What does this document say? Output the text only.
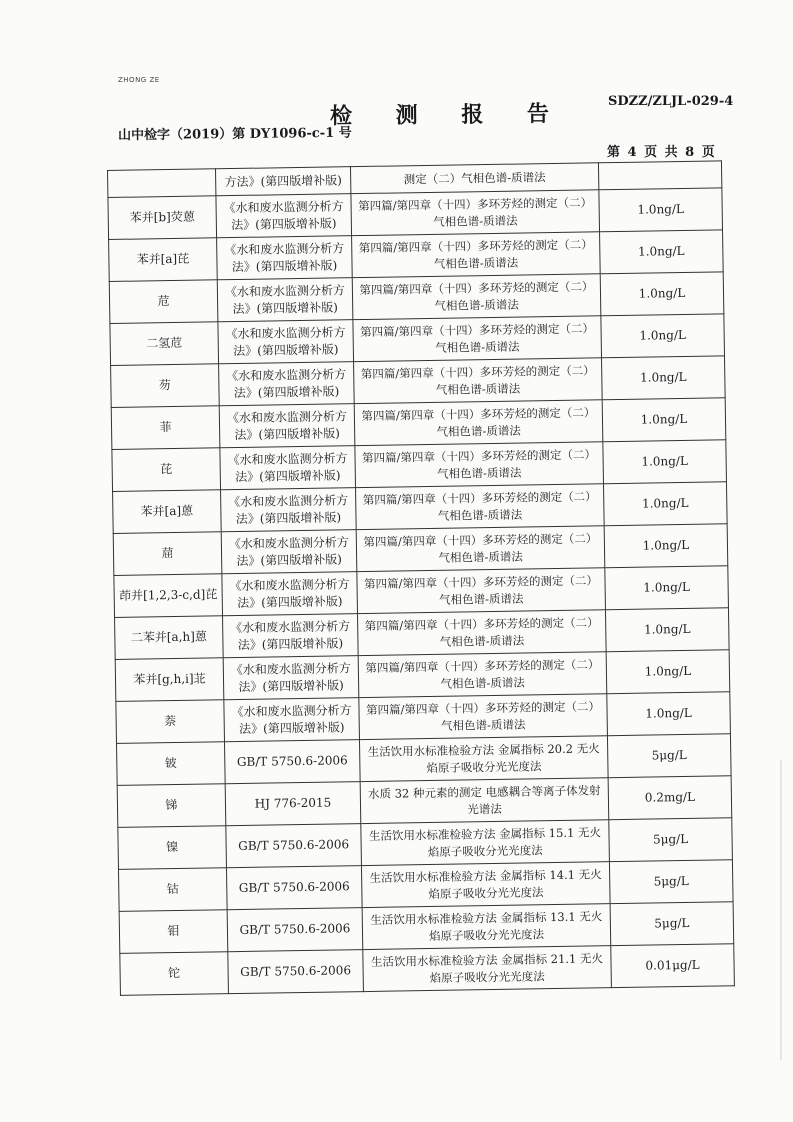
ZHONG ZE
检 测 报 告	SDZZ/ZLJL-029-4
山中检字（2019）第 DY1096-c-1 号
第 4 页 共 8 页
	方法》(第四版增补版)	测定（二）气相色谱-质谱法	
苯并[b]荧蒽	《水和废水监测分析方法》(第四版增补版)	第四篇/第四章（十四）多环芳烃的测定（二）气相色谱-质谱法	1.0ng/L
苯并[a]芘	《水和废水监测分析方法》(第四版增补版)	第四篇/第四章（十四）多环芳烃的测定（二）气相色谱-质谱法	1.0ng/L
苊	《水和废水监测分析方法》(第四版增补版)	第四篇/第四章（十四）多环芳烃的测定（二）气相色谱-质谱法	1.0ng/L
二氢苊	《水和废水监测分析方法》(第四版增补版)	第四篇/第四章（十四）多环芳烃的测定（二）气相色谱-质谱法	1.0ng/L
芴	《水和废水监测分析方法》(第四版增补版)	第四篇/第四章（十四）多环芳烃的测定（二）气相色谱-质谱法	1.0ng/L
菲	《水和废水监测分析方法》(第四版增补版)	第四篇/第四章（十四）多环芳烃的测定（二）气相色谱-质谱法	1.0ng/L
芘	《水和废水监测分析方法》(第四版增补版)	第四篇/第四章（十四）多环芳烃的测定（二）气相色谱-质谱法	1.0ng/L
苯并[a]蒽	《水和废水监测分析方法》(第四版增补版)	第四篇/第四章（十四）多环芳烃的测定（二）气相色谱-质谱法	1.0ng/L
䓛	《水和废水监测分析方法》(第四版增补版)	第四篇/第四章（十四）多环芳烃的测定（二）气相色谱-质谱法	1.0ng/L
茚并[1,2,3-c,d]芘	《水和废水监测分析方法》(第四版增补版)	第四篇/第四章（十四）多环芳烃的测定（二）气相色谱-质谱法	1.0ng/L
二苯并[a,h]蒽	《水和废水监测分析方法》(第四版增补版)	第四篇/第四章（十四）多环芳烃的测定（二）气相色谱-质谱法	1.0ng/L
苯并[g,h,i]苝	《水和废水监测分析方法》(第四版增补版)	第四篇/第四章（十四）多环芳烃的测定（二）气相色谱-质谱法	1.0ng/L
萘	《水和废水监测分析方法》(第四版增补版)	第四篇/第四章（十四）多环芳烃的测定（二）气相色谱-质谱法	1.0ng/L
铍	GB/T 5750.6-2006	生活饮用水标准检验方法 金属指标 20.2 无火焰原子吸收分光光度法	5μg/L
锑	HJ 776-2015	水质 32 种元素的测定 电感耦合等离子体发射光谱法	0.2mg/L
镍	GB/T 5750.6-2006	生活饮用水标准检验方法 金属指标 15.1 无火焰原子吸收分光光度法	5μg/L
钴	GB/T 5750.6-2006	生活饮用水标准检验方法 金属指标 14.1 无火焰原子吸收分光光度法	5μg/L
钼	GB/T 5750.6-2006	生活饮用水标准检验方法 金属指标 13.1 无火焰原子吸收分光光度法	5μg/L
铊	GB/T 5750.6-2006	生活饮用水标准检验方法 金属指标 21.1 无火焰原子吸收分光光度法	0.01μg/L
